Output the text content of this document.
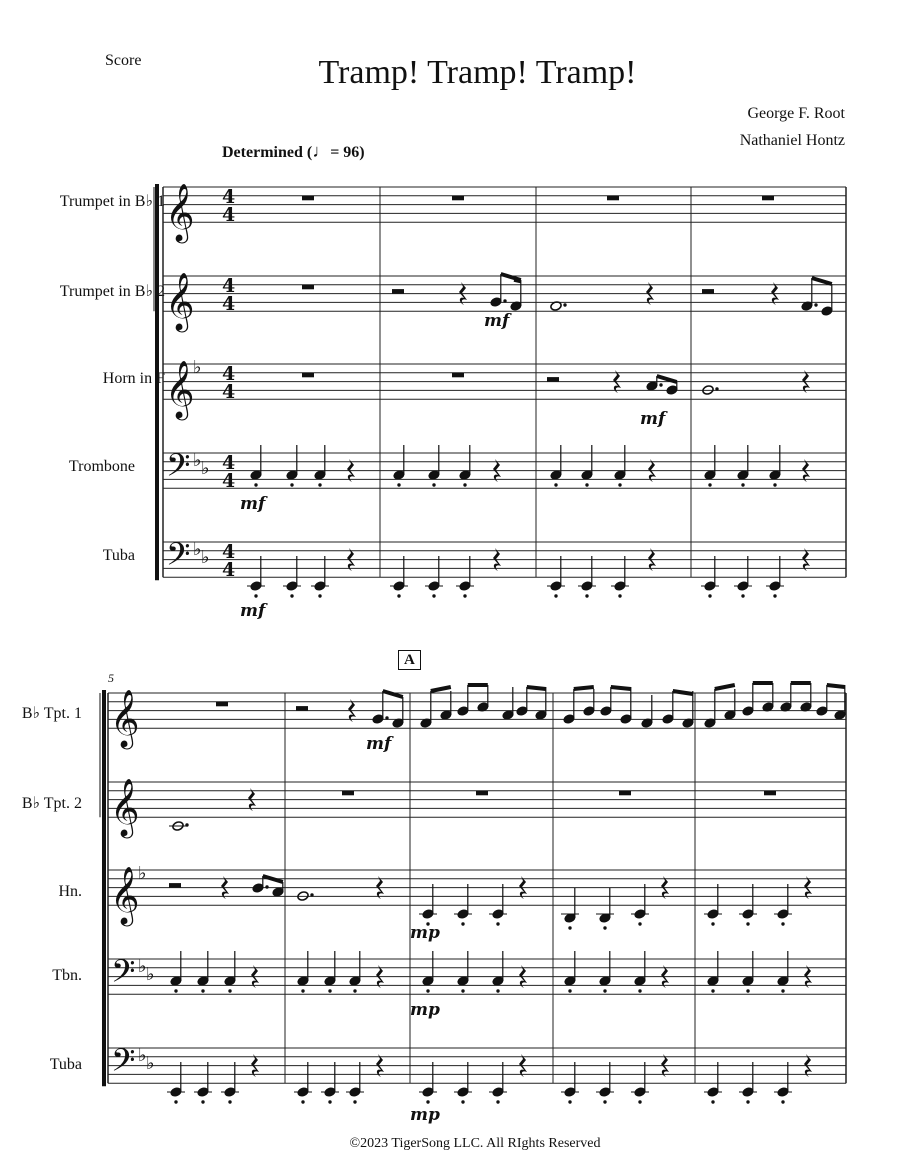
Score	Tramp! Tramp! Tramp!
George F. Root
Nathaniel Hontz
Determined (♩= 96)
Trumpet in B♭ 1
Trumpet in B♭ 2
Horn in F
Trombone
Tuba
B♭ Tpt. 1
B♭ Tpt. 2
Hn.
Tbn.
Tuba
5
A
©2023 TigerSong LLC. All RIghts Reserved
𝄞
𝄞
𝄞
𝄢
𝄢
♭
♭ ♭
♭ ♭
4
4
4
4
4
4
4
4
4
4
mf
mf
mf
mf
𝄞
𝄞
𝄞
𝄢
𝄢
♭
♭ ♭
♭ ♭
mf
mp
mp
mp
